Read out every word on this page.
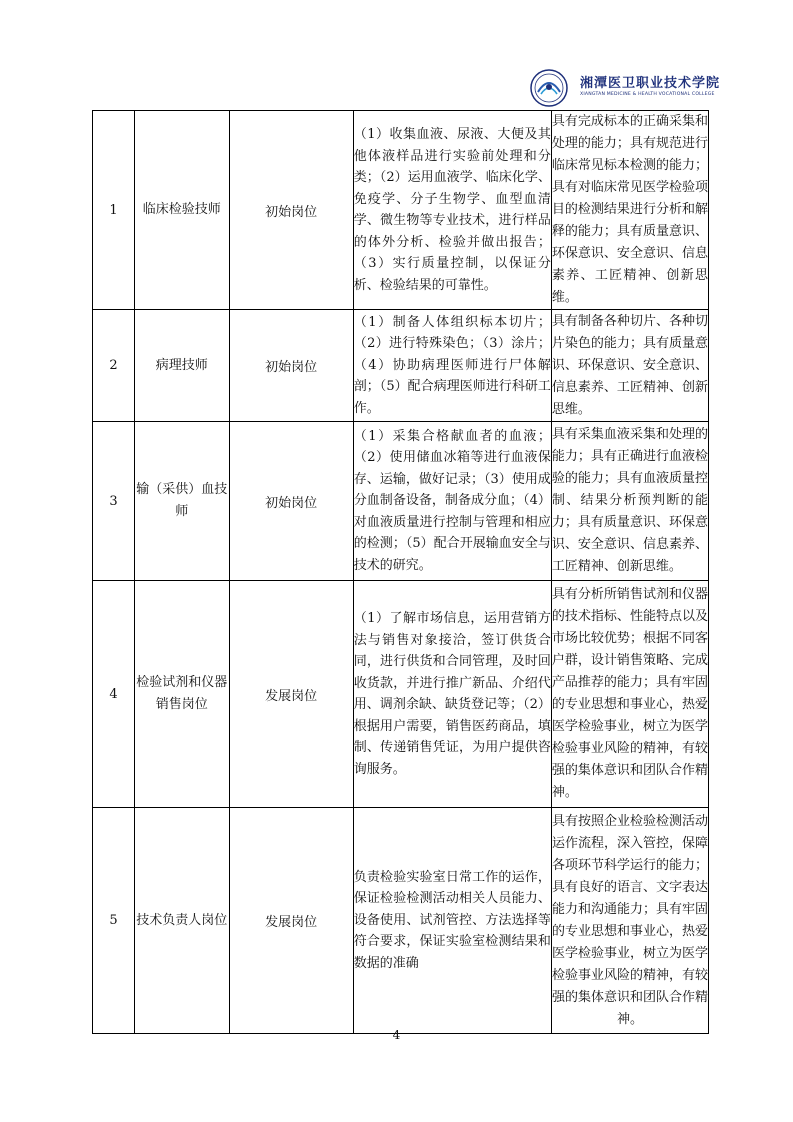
湘潭医卫职业技术学院
XIANGTAN MEDICINE & HEALTH VOCATIONAL COLLEGE
1	临床检验技师	初始岗位	（1）收集血液、尿液、大便及其他体液样品进行实验前处理和分类；（2）运用血液学、临床化学、免疫学、分子生物学、血型血清学、微生物等专业技术，进行样品的体外分析、检验并做出报告；（3）实行质量控制，以保证分析、检验结果的可靠性。	具有完成标本的正确采集和处理的能力；具有规范进行临床常见标本检测的能力；具有对临床常见医学检验项目的检测结果进行分析和解释的能力；具有质量意识、环保意识、安全意识、信息素养、工匠精神、创新思维。
2	病理技师	初始岗位	（1）制备人体组织标本切片；（2）进行特殊染色；（3）涂片；（4）协助病理医师进行尸体解剖；（5）配合病理医师进行科研工作。	具有制备各种切片、各种切片染色的能力；具有质量意识、环保意识、安全意识、信息素养、工匠精神、创新思维。
3	输（采供）血技师	初始岗位	（1）采集合格献血者的血液；（2）使用储血冰箱等进行血液保存、运输，做好记录；（3）使用成分血制备设备，制备成分血；（4）对血液质量进行控制与管理和相应的检测；（5）配合开展输血安全与技术的研究。	具有采集血液采集和处理的能力；具有正确进行血液检验的能力；具有血液质量控制、结果分析预判断的能力；具有质量意识、环保意识、安全意识、信息素养、工匠精神、创新思维。
4	检验试剂和仪器销售岗位	发展岗位	（1）了解市场信息，运用营销方法与销售对象接洽，签订供货合同，进行供货和合同管理，及时回收货款，并进行推广新品、介绍代用、调剂余缺、缺货登记等；（2）根据用户需要，销售医药商品，填制、传递销售凭证，为用户提供咨询服务。	具有分析所销售试剂和仪器的技术指标、性能特点以及市场比较优势；根据不同客户群，设计销售策略、完成产品推荐的能力；具有牢固的专业思想和事业心，热爱医学检验事业，树立为医学检验事业风险的精神，有较强的集体意识和团队合作精神。
5	技术负责人岗位	发展岗位	负责检验实验室日常工作的运作，保证检验检测活动相关人员能力、设备使用、试剂管控、方法选择等符合要求，保证实验室检测结果和数据的准确	具有按照企业检验检测活动运作流程，深入管控，保障各项环节科学运行的能力；具有良好的语言、文字表达能力和沟通能力；具有牢固的专业思想和事业心，热爱医学检验事业，树立为医学检验事业风险的精神，有较强的集体意识和团队合作精神。
4
